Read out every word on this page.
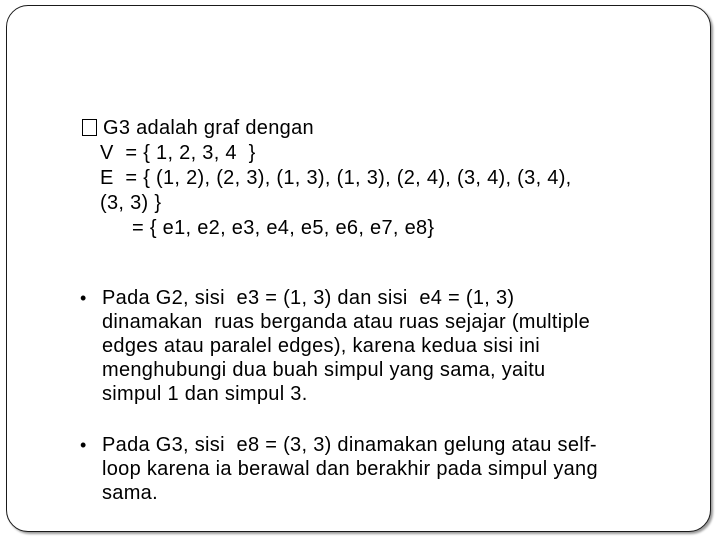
G3 adalah graf dengan
V  = { 1, 2, 3, 4  }
E  = { (1, 2), (2, 3), (1, 3), (1, 3), (2, 4), (3, 4), (3, 4),
(3, 3) }
= { e1, e2, e3, e4, e5, e6, e7, e8}
• Pada G2, sisi  e3 = (1, 3) dan sisi  e4 = (1, 3)
dinamakan  ruas berganda atau ruas sejajar (multiple
edges atau paralel edges), karena kedua sisi ini
menghubungi dua buah simpul yang sama, yaitu
simpul 1 dan simpul 3.
• Pada G3, sisi  e8 = (3, 3) dinamakan gelung atau self-
loop karena ia berawal dan berakhir pada simpul yang
sama.
